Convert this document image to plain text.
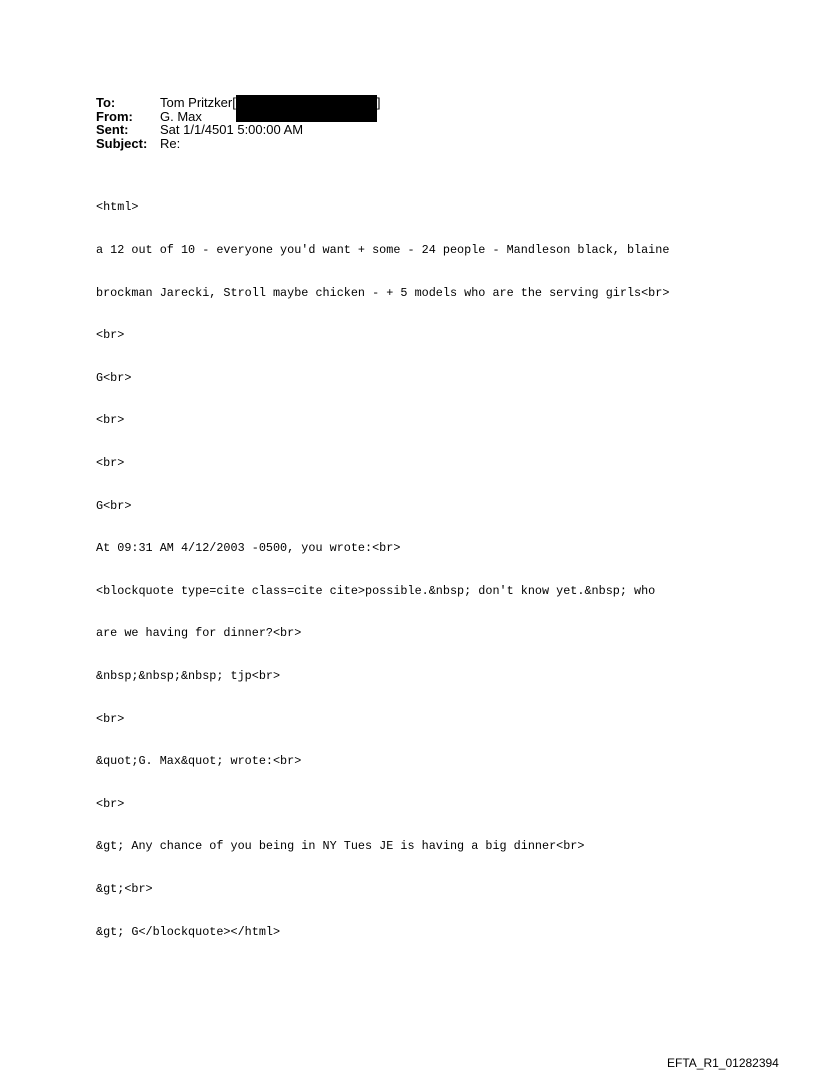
To:	Tom Pritzker[	]
From:	G. Max
Sent:	Sat 1/1/4501 5:00:00 AM
Subject: Re:

<html>

a 12 out of 10 - everyone you'd want + some - 24 people - Mandleson black, blaine

brockman Jarecki, Stroll maybe chicken - + 5 models who are the serving girls<br>

<br>

G<br>

<br>

<br>

G<br>

At 09:31 AM 4/12/2003 -0500, you wrote:<br>

<blockquote type=cite class=cite cite>possible.&nbsp; don't know yet.&nbsp; who

are we having for dinner?<br>

&nbsp;&nbsp;&nbsp; tjp<br>

<br>

&quot;G. Max&quot; wrote:<br>

<br>

&gt; Any chance of you being in NY Tues JE is having a big dinner<br>

&gt;<br>

&gt; G</blockquote></html>

EFTA_R1_01282394
